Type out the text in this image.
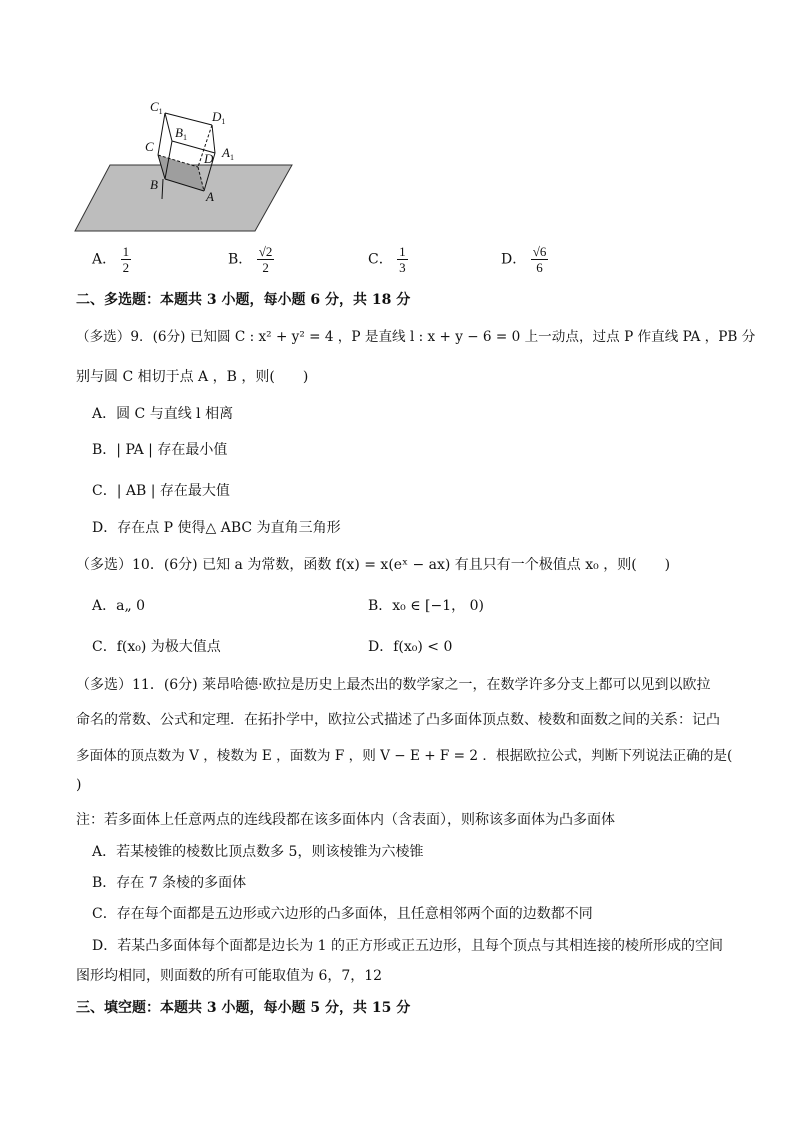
$C_1$	$D_1$
$B_1$
C
D $A_1$
B
A
A． $\frac{1}{2}$	B． $\frac{√2}{2}$	C． $\frac{1}{3}$	D． $\frac{√6}{6}$
二、多选题：本题共 3 小题，每小题 6 分，共 18 分
（多选）9．(6分) 已知圆 C : x² + y² = 4 ，P 是直线 l : x + y − 6 = 0 上一动点，过点 P 作直线 PA ，PB 分
别与圆 C 相切于点 A ，B ，则(　　)
A．圆 C 与直线 l 相离
B．| PA | 存在最小值
C．| AB | 存在最大值
D．存在点 P 使得△ ABC 为直角三角形
（多选）10．(6分) 已知 a 为常数，函数 f(x) = x(eˣ − ax) 有且只有一个极值点 x₀ ，则(　　)
A．a„ 0	B．x₀ ∈ [−1， 0)
C．f(x₀) 为极大值点	D．f(x₀) < 0
（多选）11．(6分) 莱昂哈德·欧拉是历史上最杰出的数学家之一，在数学许多分支上都可以见到以欧拉
命名的常数、公式和定理．在拓扑学中，欧拉公式描述了凸多面体顶点数、棱数和面数之间的关系：记凸
多面体的顶点数为 V ，棱数为 E ，面数为 F ，则 V − E + F = 2 ．根据欧拉公式，判断下列说法正确的是(
)
注：若多面体上任意两点的连线段都在该多面体内（含表面），则称该多面体为凸多面体
A．若某棱锥的棱数比顶点数多 5，则该棱锥为六棱锥
B．存在 7 条棱的多面体
C．存在每个面都是五边形或六边形的凸多面体，且任意相邻两个面的边数都不同
D．若某凸多面体每个面都是边长为 1 的正方形或正五边形，且每个顶点与其相连接的棱所形成的空间
图形均相同，则面数的所有可能取值为 6，7，12
三、填空题：本题共 3 小题，每小题 5 分，共 15 分
